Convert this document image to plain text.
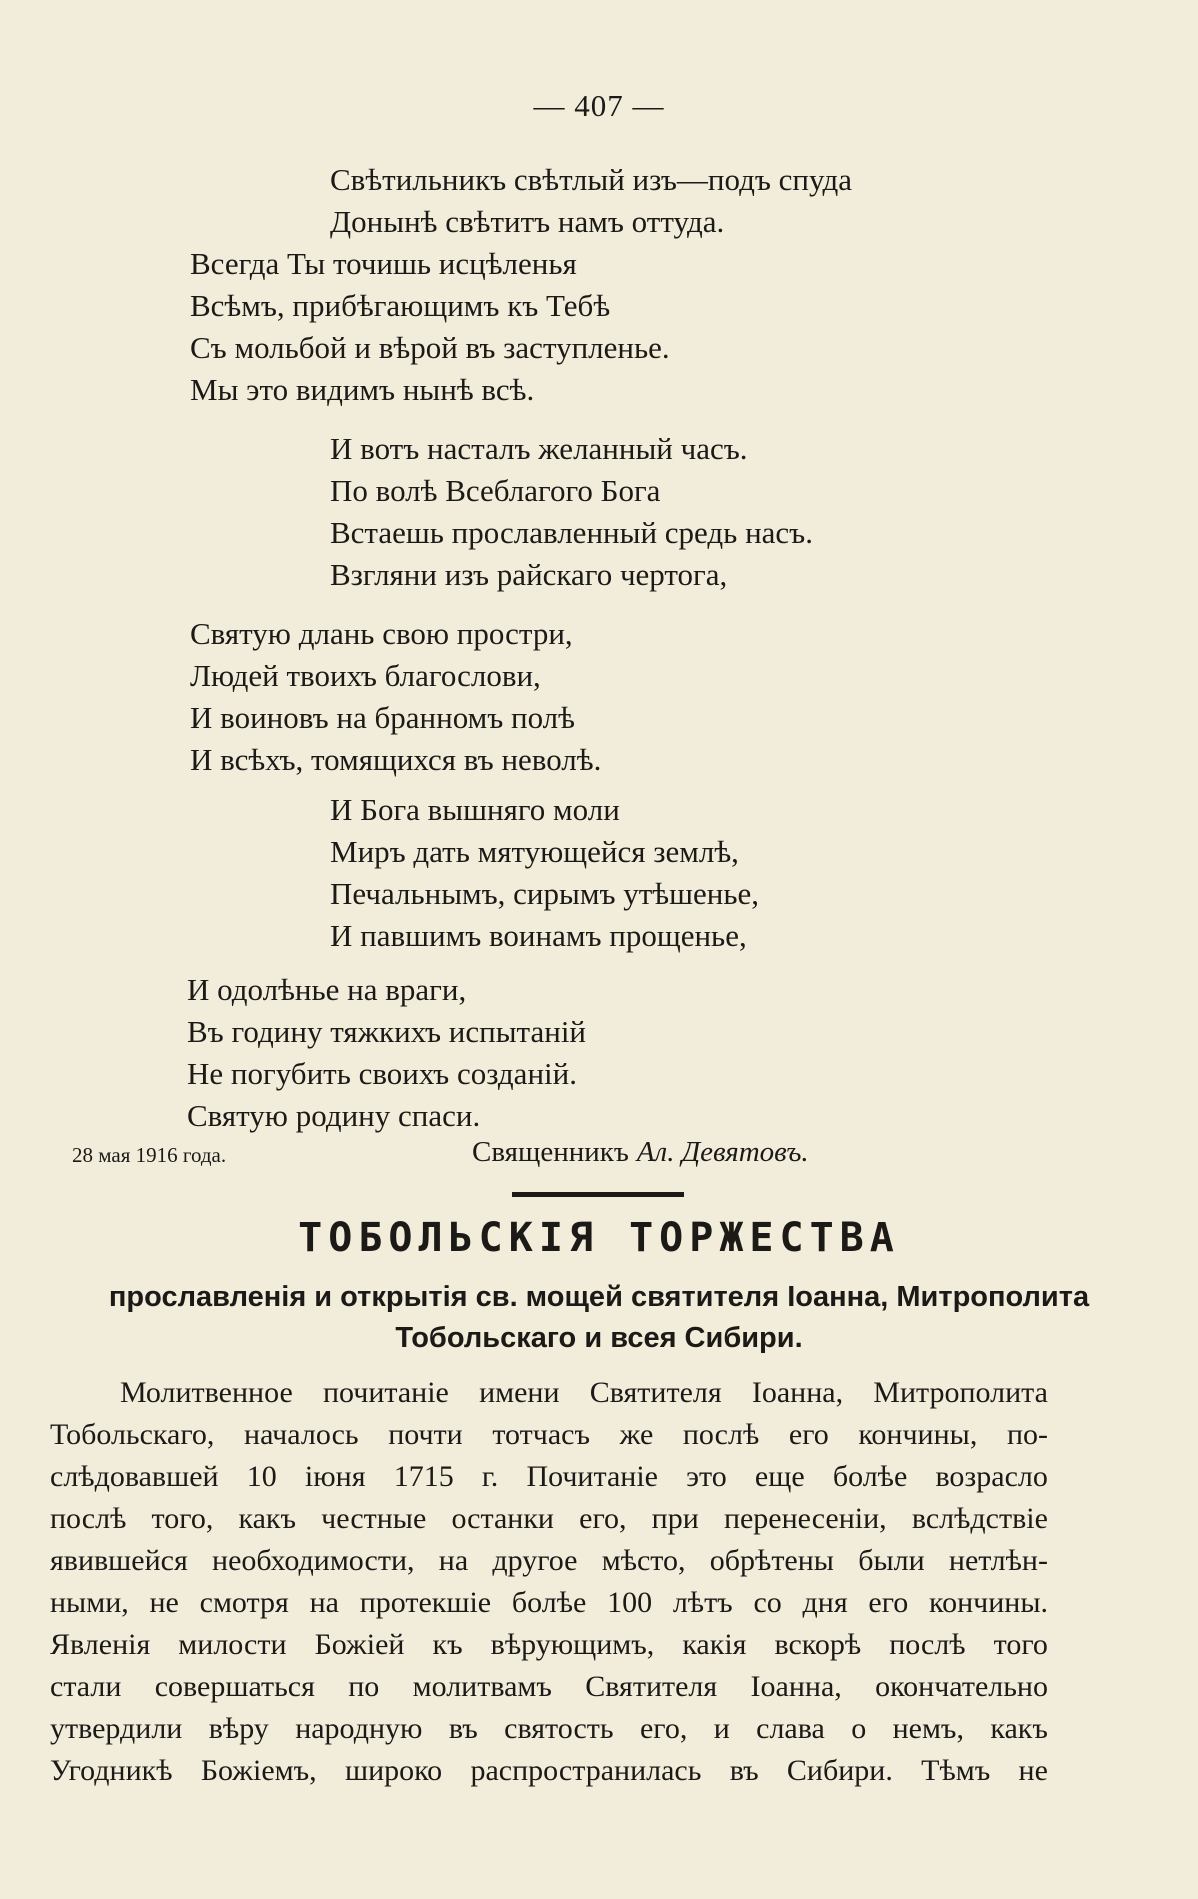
— 407 —
Свѣтильникъ свѣтлый изъ—подъ спуда
Донынѣ свѣтитъ намъ оттуда.
Всегда Ты точишь исцѣленья
Всѣмъ, прибѣгающимъ къ Тебѣ
Съ мольбой и вѣрой въ заступленье.
Мы это видимъ нынѣ всѣ.
И вотъ насталъ желанный часъ.
По волѣ Всеблагого Бога
Встаешь прославленный средь насъ.
Взгляни изъ райскаго чертога,
Святую длань свою простри,
Людей твоихъ благослови,
И воиновъ на бранномъ полѣ
И всѣхъ, томящихся въ неволѣ.
И Бога вышняго моли
Миръ дать мятующейся землѣ,
Печальнымъ, сирымъ утѣшенье,
И павшимъ воинамъ прощенье,
И одолѣнье на враги,
Въ годину тяжкихъ испытаній
Не погубить своихъ созданій.
Святую родину спаси.
28 мая 1916 года.	Священникъ Ал. Девятовъ.
ТОБОЛЬСКІЯ ТОРЖЕСТВА
прославленія и открытія св. мощей святителя Іоанна, Митрополита
Тобольскаго и всея Сибири.
Молитвенное почитаніе имени Святителя Іоанна, Митрополита
Тобольскаго, началось почти тотчасъ же послѣ его кончины, по-
слѣдовавшей 10 іюня 1715 г. Почитаніе это еще болѣе возрасло
послѣ того, какъ честные останки его, при перенесеніи, вслѣдствіе
явившейся необходимости, на другое мѣсто, обрѣтены были нетлѣн-
ными, не смотря на протекшіе болѣе 100 лѣтъ со дня его кончины.
Явленія милости Божіей къ вѣрующимъ, какія вскорѣ послѣ того
стали совершаться по молитвамъ Святителя Іоанна, окончательно
утвердили вѣру народную въ святость его, и слава о немъ, какъ
Угодникѣ Божіемъ, широко распространилась въ Сибири. Тѣмъ не
